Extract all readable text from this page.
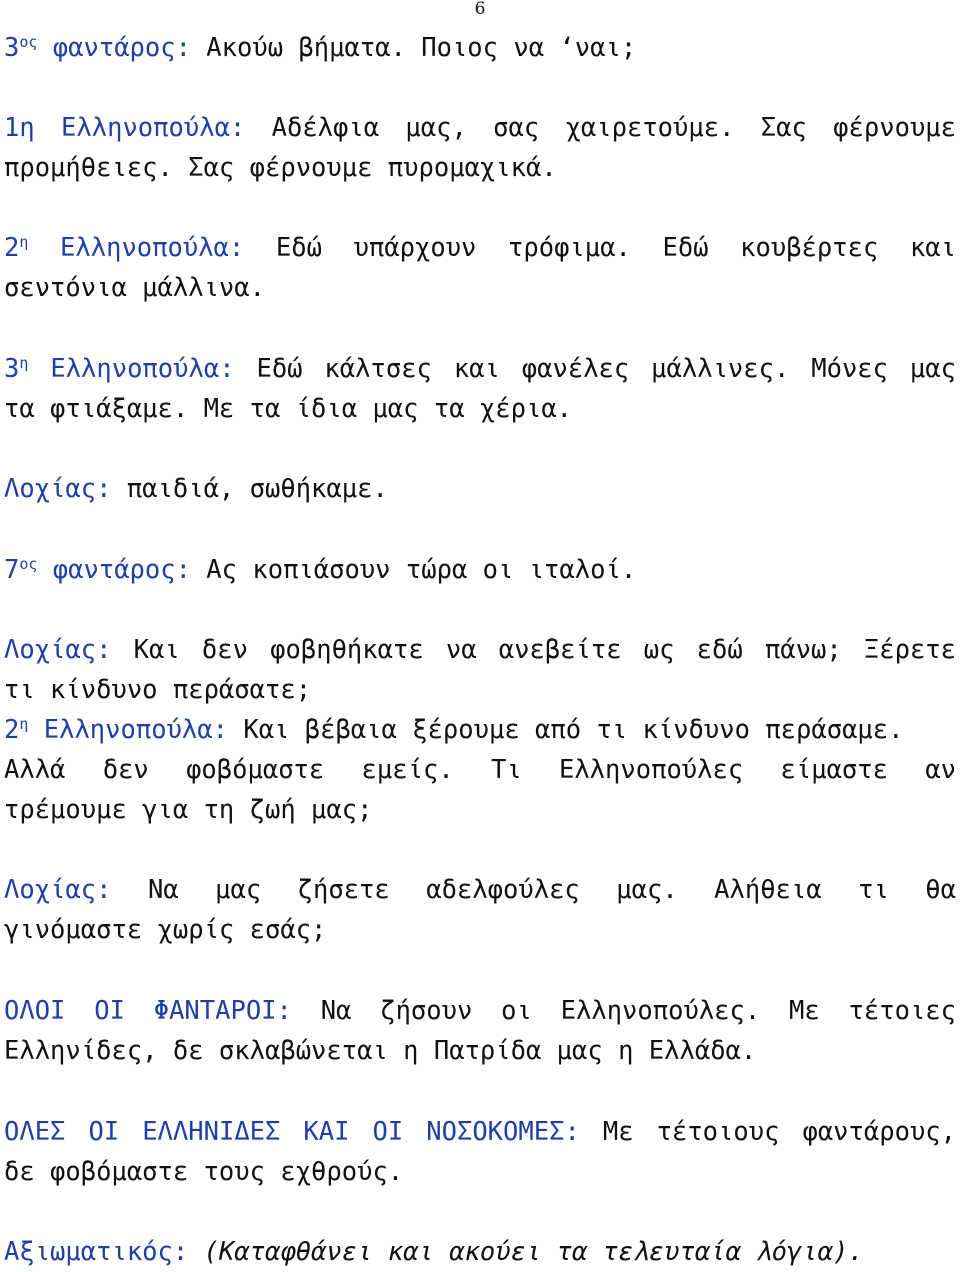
6
$3^{o\varsigma}$ φαντάρος: Ακούω βήματα. Ποιος να ‘ναι;
1η Ελληνοπούλα: Αδέλφια μας, σας χαιρετούμε. Σας φέρνουμε
προμήθειες. Σας φέρνουμε πυρομαχικά.
$2^\eta$ Ελληνοπούλα: Εδώ υπάρχουν τρόφιμα. Εδώ κουβέρτες και
σεντόνια μάλλινα.
$3^\eta$ Ελληνοπούλα: Εδώ κάλτσες και φανέλες μάλλινες. Μόνες μας
τα φτιάξαμε. Με τα ίδια μας τα χέρια.
Λοχίας: παιδιά, σωθήκαμε.
$7^{o\varsigma}$ φαντάρος: Ας κοπιάσουν τώρα οι ιταλοί.
Λοχίας: Και δεν φοβηθήκατε να ανεβείτε ως εδώ πάνω; Ξέρετε
τι κίνδυνο περάσατε;
$2^\eta$ Ελληνοπούλα: Και βέβαια ξέρουμε από τι κίνδυνο περάσαμε.
Αλλά δεν φοβόμαστε εμείς. Τι Ελληνοπούλες είμαστε αν
τρέμουμε για τη ζωή μας;
Λοχίας: Να μας ζήσετε αδελφούλες μας. Αλήθεια τι θα
γινόμαστε χωρίς εσάς;
ΟΛΟΙ ΟΙ ΦΑΝΤΑΡΟΙ: Να ζήσουν οι Ελληνοπούλες. Με τέτοιες
Ελληνίδες, δε σκλαβώνεται η Πατρίδα μας η Ελλάδα.
ΟΛΕΣ ΟΙ ΕΛΛΗΝΙΔΕΣ ΚΑΙ ΟΙ ΝΟΣΟΚΟΜΕΣ: Με τέτοιους φαντάρους,
δε φοβόμαστε τους εχθρούς.
Αξιωματικός: (Καταφθάνει και ακούει τα τελευταία λόγια).
